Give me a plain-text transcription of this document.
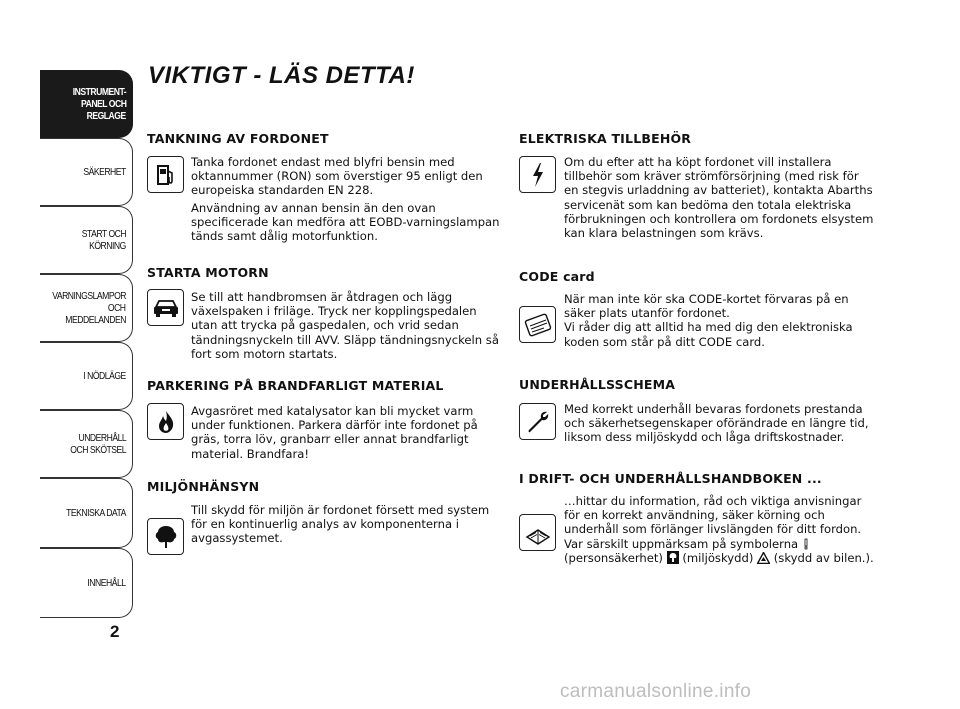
INSTRUMENT-
PANEL OCH
REGLAGE
SÄKERHET
START OCH
KÖRNING
VARNINGSLAMPOR
OCH
MEDDELANDEN
I NÖDLÄGE
UNDERHÅLL
OCH SKÖTSEL
TEKNISKA DATA
INNEHÅLL
2
VIKTIGT - LÄS DETTA!
TANKNING AV FORDONET

Tanka fordonet endast med blyfri bensin med oktannummer (RON) som överstiger 95 enligt den europeiska standarden EN 228.

Användning av annan bensin än den ovan specificerade kan medföra att EOBD-varningslampan tänds samt dålig motorfunktion.

STARTA MOTORN

Se till att handbromsen är åtdragen och lägg växelspaken i friläge. Tryck ner kopplingspedalen utan att trycka på gaspedalen, och vrid sedan tändningsnyckeln till AVV. Släpp tändningsnyckeln så fort som motorn startats.

PARKERING PÅ BRANDFARLIGT MATERIAL

Avgasröret med katalysator kan bli mycket varm under funktionen. Parkera därför inte fordonet på gräs, torra löv, granbarr eller annat brandfarligt material. Brandfara!

MILJÖNHÄNSYN

Till skydd för miljön är fordonet försett med system för en kontinuerlig analys av komponenterna i avgassystemet.

ELEKTRISKA TILLBEHÖR

Om du efter att ha köpt fordonet vill installera tillbehör som kräver strömförsörjning (med risk för en stegvis urladdning av batteriet), kontakta Abarths servicenät som kan bedöma den totala elektriska förbrukningen och kontrollera om fordonets elsystem kan klara belastningen som krävs.

CODE card

När man inte kör ska CODE-kortet förvaras på en säker plats utanför fordonet.

Vi råder dig att alltid ha med dig den elektroniska koden som står på ditt CODE card.

UNDERHÅLLSSCHEMA

Med korrekt underhåll bevaras fordonets prestanda och säkerhetsegenskaper oförändrade en längre tid, liksom dess miljöskydd och låga driftskostnader.

I DRIFT- OCH UNDERHÅLLSHANDBOKEN ...

…hittar du information, råd och viktiga anvisningar för en korrekt användning, säker körning och underhåll som förlänger livslängden för ditt fordon. Var särskilt uppmärksam på symbolerna
(personsäkerhet) (miljöskydd) (skydd av bilen.).

carmanualsonline.info
